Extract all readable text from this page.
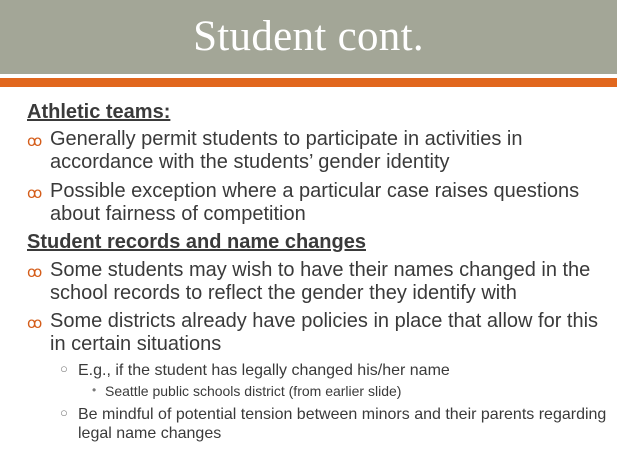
Student cont.
Athletic teams:
ꝏ Generally permit students to participate in activities in accordance with the students’ gender identity
ꝏ Possible exception where a particular case raises questions about fairness of competition
Student records and name changes
ꝏ Some students may wish to have their names changed in the school records to reflect the gender they identify with
ꝏ Some districts already have policies in place that allow for this in certain situations
○ E.g., if the student has legally changed his/her name
• Seattle public schools district (from earlier slide)
○ Be mindful of potential tension between minors and their parents regarding legal name changes
